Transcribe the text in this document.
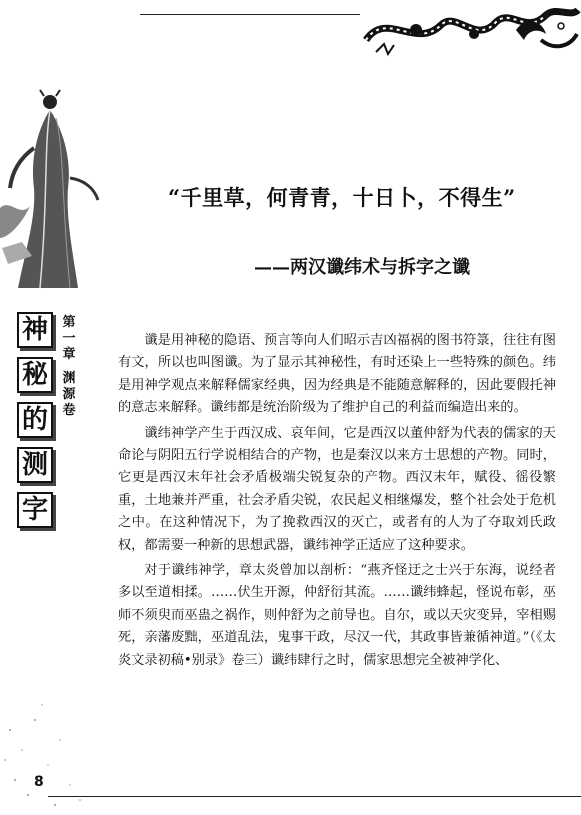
“千里草，何青青，十日卜，不得生”
——两汉谶纬术与拆字之谶
神
秘
的
测
字
第
一
章
渊
源
卷

谶是用神秘的隐语、预言等向人们昭示吉凶福祸的图书符箓，往往有图有文，所以也叫图谶。为了显示其神秘性，有时还染上一些特殊的颜色。纬是用神学观点来解释儒家经典，因为经典是不能随意解释的，因此要假托神的意志来解释。谶纬都是统治阶级为了维护自己的利益而编造出来的。

谶纬神学产生于西汉成、哀年间，它是西汉以董仲舒为代表的儒家的天命论与阴阳五行学说相结合的产物，也是秦汉以来方士思想的产物。同时，它更是西汉末年社会矛盾极端尖锐复杂的产物。西汉末年，赋役、徭役繁重，土地兼并严重，社会矛盾尖锐，农民起义相继爆发，整个社会处于危机之中。在这种情况下，为了挽救西汉的灭亡，或者有的人为了夺取刘氏政权，都需要一种新的思想武器，谶纬神学正适应了这种要求。

对于谶纬神学，章太炎曾加以剖析：“燕齐怪迂之士兴于东海，说经者多以至道相揉。……伏生开源，仲舒衍其流。……谶纬蜂起，怪说布彰，巫师不须臾而巫蛊之祸作，则仲舒为之前导也。自尔，或以天灾变异，宰相赐死，亲藩废黜，巫道乱法，鬼事干政，尽汉一代，其政事皆兼循神道。”（《太炎文录初稿•别录》卷三）谶纬肆行之时，儒家思想完全被神学化、

8
